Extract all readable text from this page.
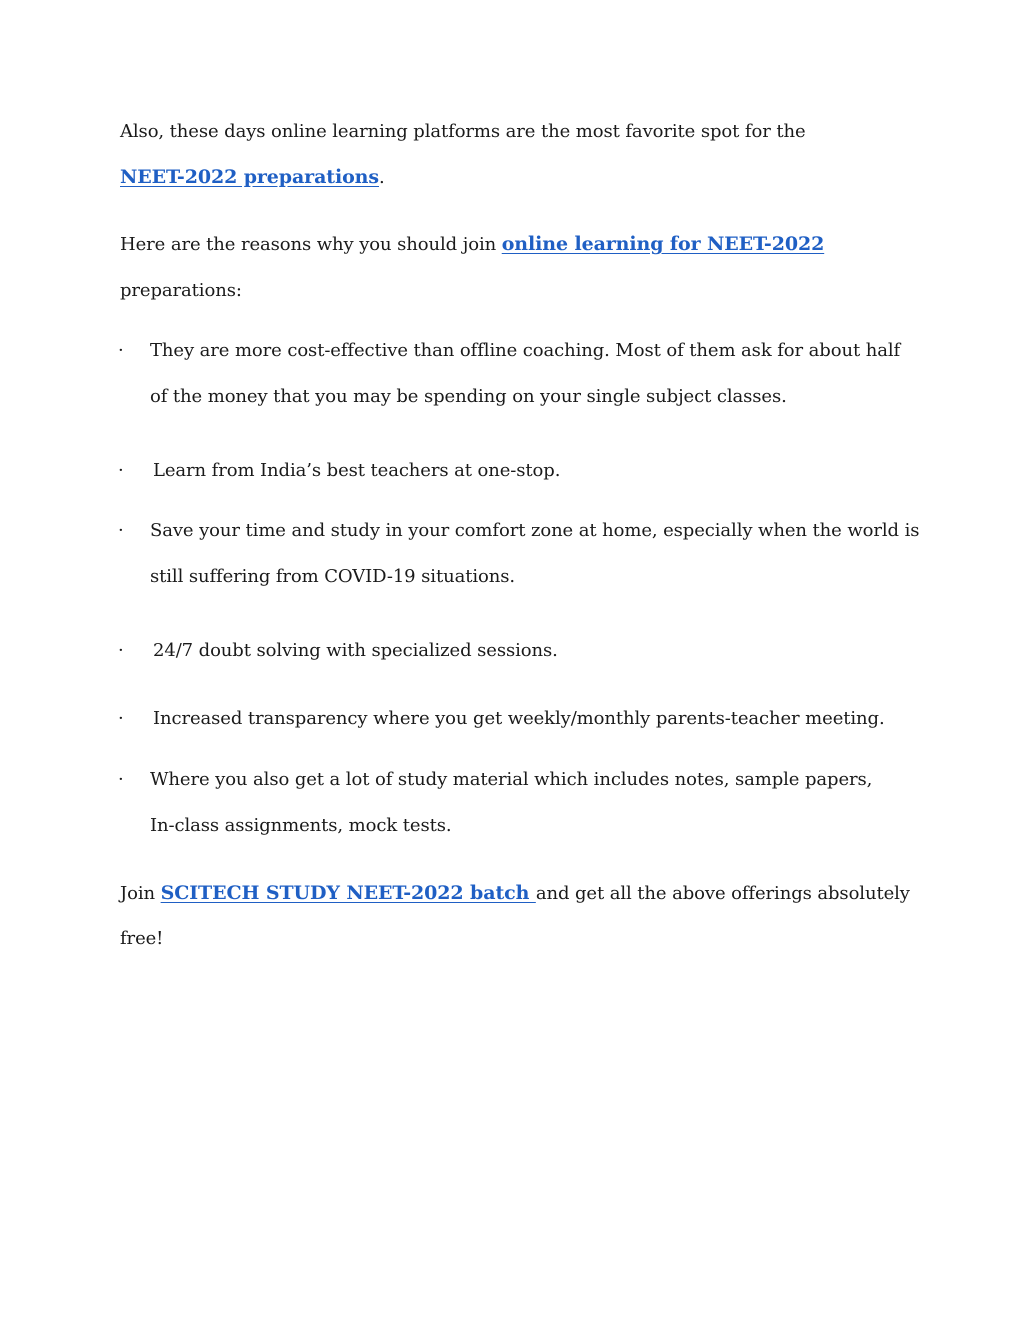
Also, these days online learning platforms are the most favorite spot for the
NEET-2022 preparations.
Here are the reasons why you should join online learning for NEET-2022
preparations:
· They are more cost-effective than offline coaching. Most of them ask for about half
of the money that you may be spending on your single subject classes.
· Learn from India’s best teachers at one-stop.
· Save your time and study in your comfort zone at home, especially when the world is
still suffering from COVID-19 situations.
· 24/7 doubt solving with specialized sessions.
· Increased transparency where you get weekly/monthly parents-teacher meeting.
· Where you also get a lot of study material which includes notes, sample papers,
In-class assignments, mock tests.
Join SCITECH STUDY NEET-2022 batch and get all the above offerings absolutely
free!
